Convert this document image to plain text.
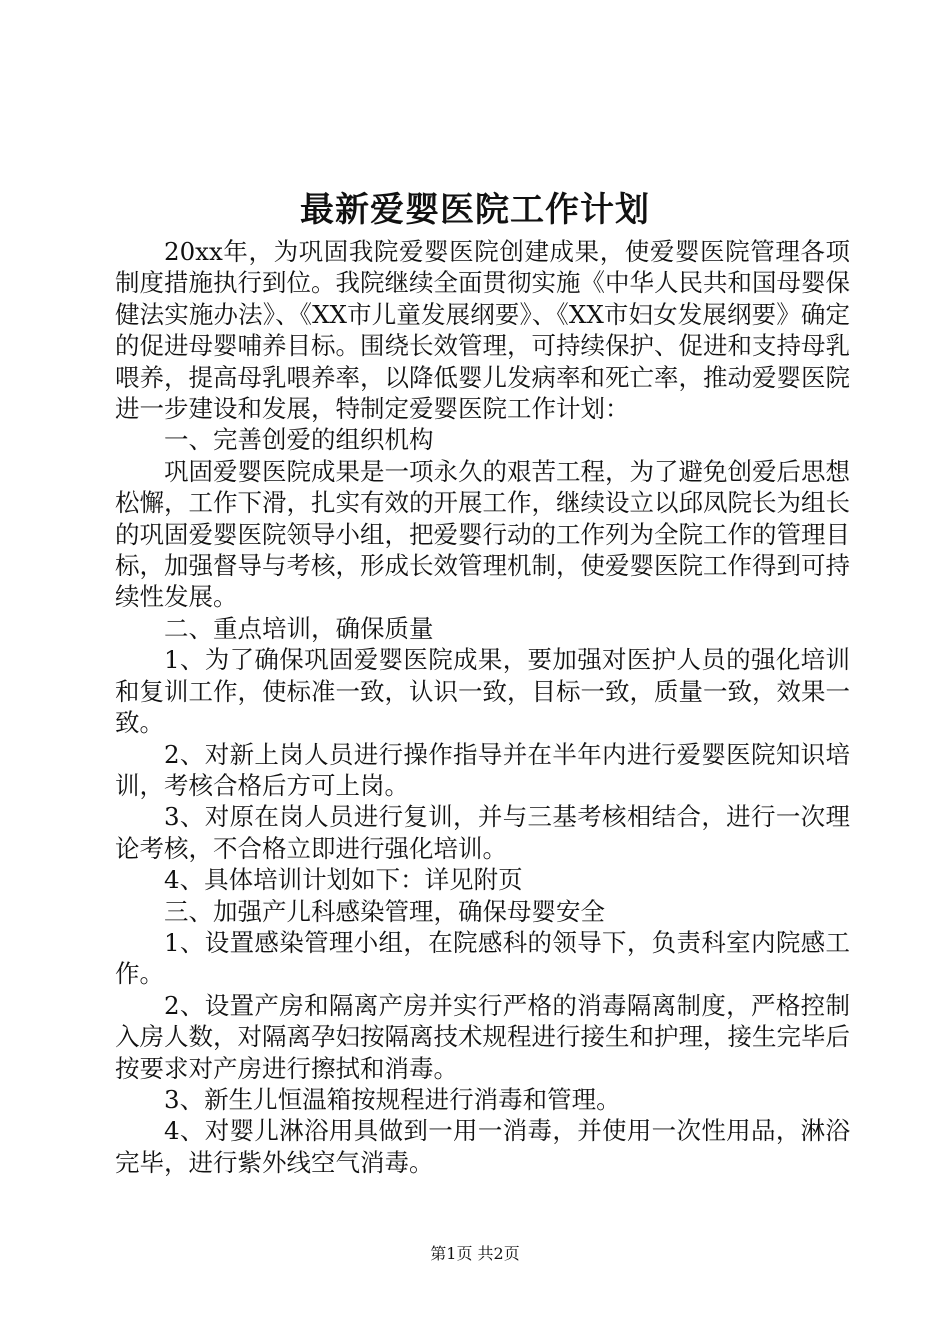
最新爱婴医院工作计划

20xx年，为巩固我院爱婴医院创建成果，使爱婴医院管理各项制度措施执行到位。我院继续全面贯彻实施《中华人民共和国母婴保健法实施办法》、《XX市儿童发展纲要》、《XX市妇女发展纲要》确定的促进母婴哺养目标。围绕长效管理，可持续保护、促进和支持母乳喂养，提高母乳喂养率，以降低婴儿发病率和死亡率，推动爱婴医院进一步建设和发展，特制定爱婴医院工作计划：

一、完善创爱的组织机构

巩固爱婴医院成果是一项永久的艰苦工程，为了避免创爱后思想松懈，工作下滑，扎实有效的开展工作，继续设立以邱凤院长为组长的巩固爱婴医院领导小组，把爱婴行动的工作列为全院工作的管理目标，加强督导与考核，形成长效管理机制，使爱婴医院工作得到可持续性发展。

二、重点培训，确保质量

1、为了确保巩固爱婴医院成果，要加强对医护人员的强化培训和复训工作，使标准一致，认识一致，目标一致，质量一致，效果一致。

2、对新上岗人员进行操作指导并在半年内进行爱婴医院知识培训，考核合格后方可上岗。

3、对原在岗人员进行复训，并与三基考核相结合，进行一次理论考核，不合格立即进行强化培训。

4、具体培训计划如下：详见附页

三、加强产儿科感染管理，确保母婴安全

1、设置感染管理小组，在院感科的领导下，负责科室内院感工作。

2、设置产房和隔离产房并实行严格的消毒隔离制度，严格控制入房人数，对隔离孕妇按隔离技术规程进行接生和护理，接生完毕后按要求对产房进行擦拭和消毒。

3、新生儿恒温箱按规程进行消毒和管理。

4、对婴儿淋浴用具做到一用一消毒，并使用一次性用品，淋浴完毕，进行紫外线空气消毒。

第1页 共2页
